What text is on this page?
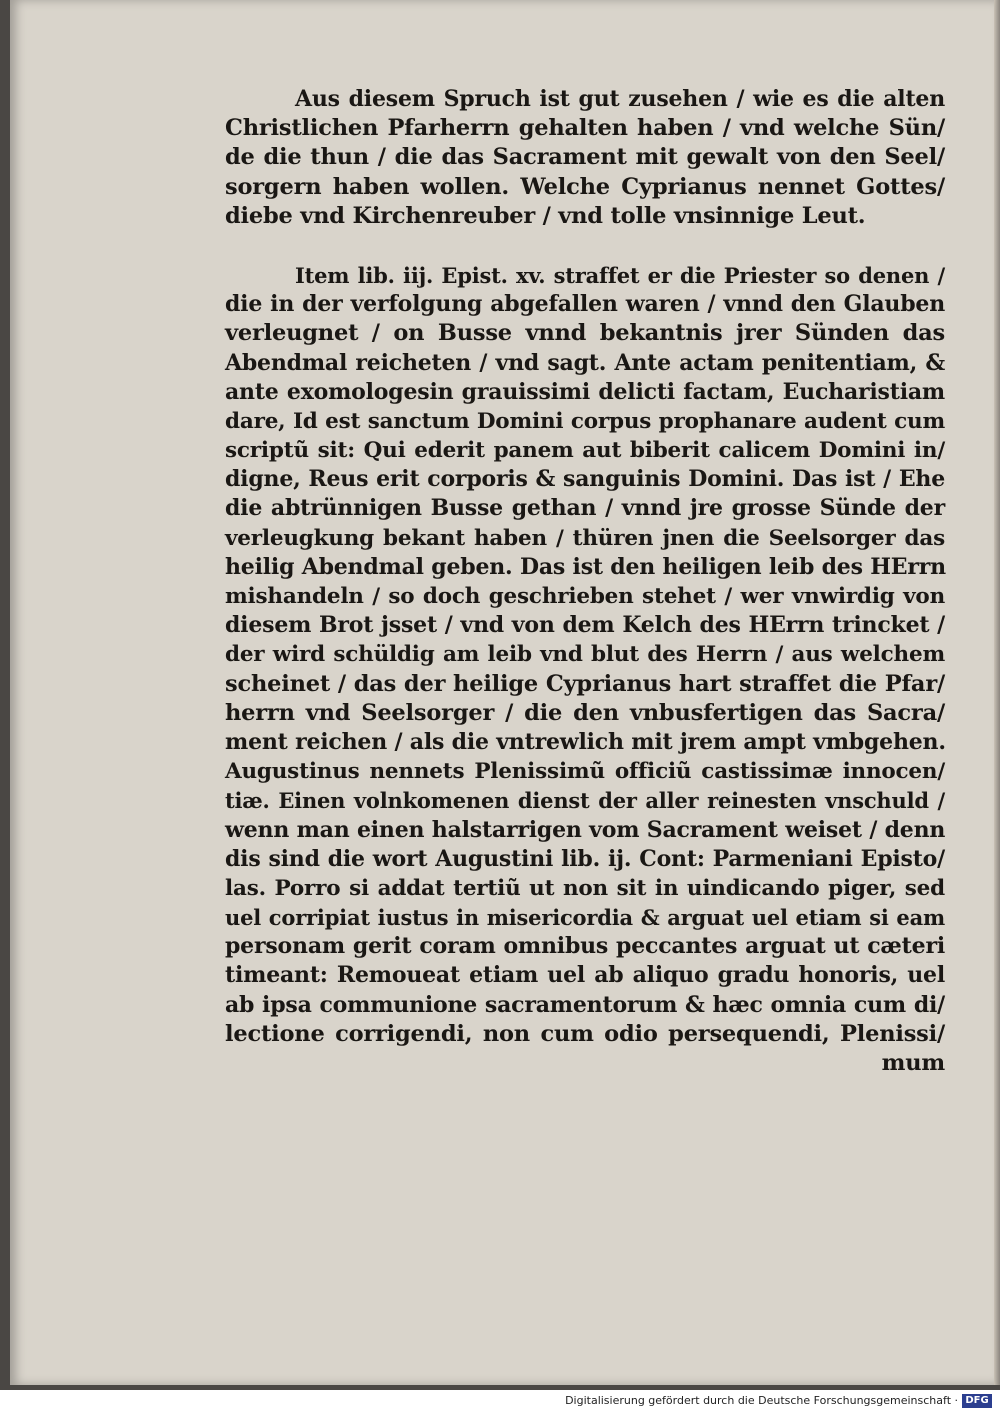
Aus diesem Spruch ist gut zusehen / wie es die alten
Christlichen Pfarherrn gehalten haben / vnd welche Sün/
de die thun / die das Sacrament mit gewalt von den Seel/
sorgern haben wollen. Welche Cyprianus nennet Gottes/
diebe vnd Kirchenreuber / vnd tolle vnsinnige Leut.
Item lib. iij. Epist. xv. straffet er die Priester so denen /
die in der verfolgung abgefallen waren / vnnd den Glauben
verleugnet / on Busse vnnd bekantnis jrer Sünden das
Abendmal reicheten / vnd sagt. Ante actam penitentiam, &
ante exomologesin grauissimi delicti factam, Eucharistiam
dare, Id est sanctum Domini corpus prophanare audent cum
scriptũ sit: Qui ederit panem aut biberit calicem Domini in/
digne, Reus erit corporis & sanguinis Domini. Das ist / Ehe
die abtrünnigen Busse gethan / vnnd jre grosse Sünde der
verleugkung bekant haben / thüren jnen die Seelsorger das
heilig Abendmal geben. Das ist den heiligen leib des HErrn
mishandeln / so doch geschrieben stehet / wer vnwirdig von
diesem Brot jsset / vnd von dem Kelch des HErrn trincket /
der wird schüldig am leib vnd blut des Herrn / aus welchem
scheinet / das der heilige Cyprianus hart straffet die Pfar/
herrn vnd Seelsorger / die den vnbusfertigen das Sacra/
ment reichen / als die vntrewlich mit jrem ampt vmbgehen.
Augustinus nennets Plenissimũ officiũ castissimæ innocen/
tiæ. Einen volnkomenen dienst der aller reinesten vnschuld /
wenn man einen halstarrigen vom Sacrament weiset / denn
dis sind die wort Augustini lib. ij. Cont: Parmeniani Episto/
las. Porro si addat tertiũ ut non sit in uindicando piger, sed
uel corripiat iustus in misericordia & arguat uel etiam si eam
personam gerit coram omnibus peccantes arguat ut cæteri
timeant: Remoueat etiam uel ab aliquo gradu honoris, uel
ab ipsa communione sacramentorum & hæc omnia cum di/
lectione corrigendi, non cum odio persequendi, Plenissi/
mum
Digitalisierung gefördert durch die Deutsche Forschungsgemeinschaft · DFG
